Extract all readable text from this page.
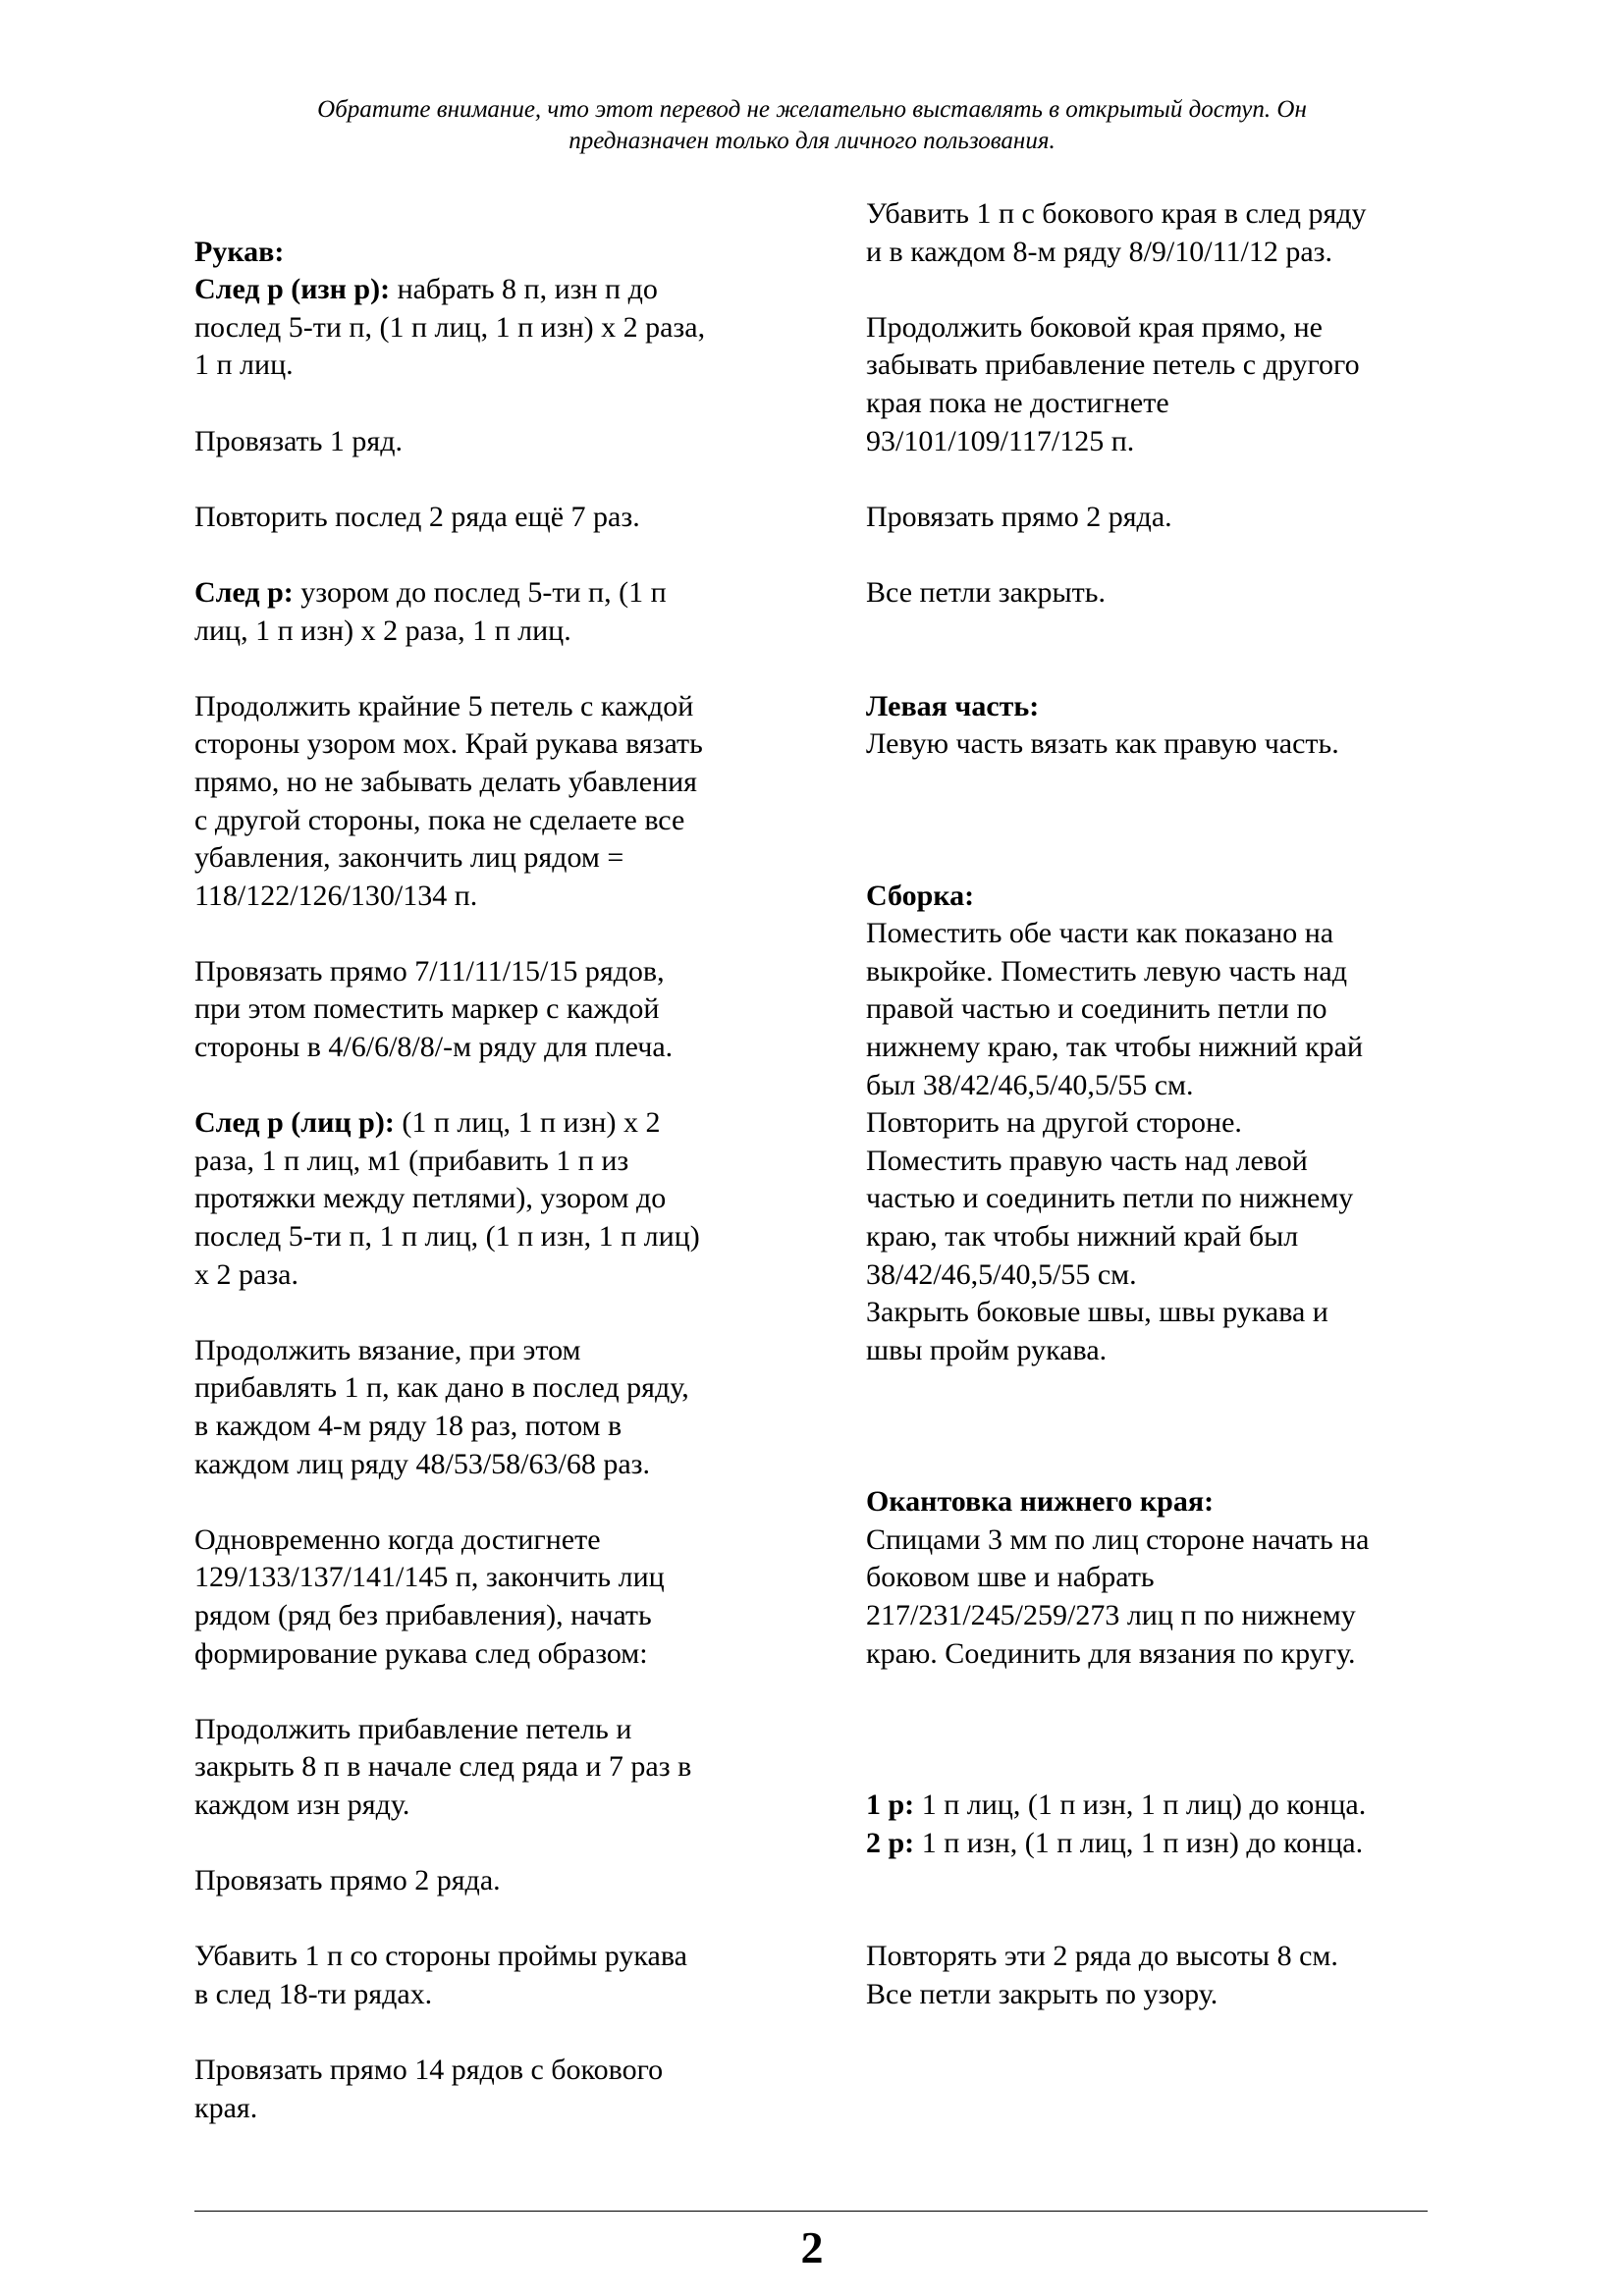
Обратите внимание, что этот перевод не желательно выставлять в открытый доступ. Он
предназначен только для личного пользования.

Рукав:
След р (изн р): набрать 8 п, изн п до
послед 5-ти п, (1 п лиц, 1 п изн) х 2 раза,
1 п лиц.

Провязать 1 ряд.
Повторить послед 2 ряда ещё 7 раз.
След р: узором до послед 5-ти п, (1 п
лиц, 1 п изн) х 2 раза, 1 п лиц.
Продолжить крайние 5 петель с каждой
стороны узором мох. Край рукава вязать
прямо, но не забывать делать убавления
с другой стороны, пока не сделаете все
убавления, закончить лиц рядом =
118/122/126/130/134 п.
Провязать прямо 7/11/11/15/15 рядов,
при этом поместить маркер с каждой
стороны в 4/6/6/8/8/-м ряду для плеча.
След р (лиц р): (1 п лиц, 1 п изн) х 2
раза, 1 п лиц, м1 (прибавить 1 п из
протяжки между петлями), узором до
послед 5-ти п, 1 п лиц, (1 п изн, 1 п лиц)
х 2 раза.
Продолжить вязание, при этом
прибавлять 1 п, как дано в послед ряду,
в каждом 4-м ряду 18 раз, потом в
каждом лиц ряду 48/53/58/63/68 раз.
Одновременно когда достигнете
129/133/137/141/145 п, закончить лиц
рядом (ряд без прибавления), начать
формирование рукава след образом:
Продолжить прибавление петель и
закрыть 8 п в начале след ряда и 7 раз в
каждом изн ряду.
Провязать прямо 2 ряда.
Убавить 1 п со стороны проймы рукава
в след 18-ти рядах.
Провязать прямо 14 рядов с бокового
края.
Убавить 1 п с бокового края в след ряду
и в каждом 8-м ряду 8/9/10/11/12 раз.
Продолжить боковой края прямо, не
забывать прибавление петель с другого
края пока не достигнете
93/101/109/117/125 п.
Провязать прямо 2 ряда.
Все петли закрыть.

Левая часть:
Левую часть вязать как правую часть.

Сборка:
Поместить обе части как показано на
выкройке. Поместить левую часть над
правой частью и соединить петли по
нижнему краю, так чтобы нижний край
был 38/42/46,5/40,5/55 см.
Повторить на другой стороне.
Поместить правую часть над левой
частью и соединить петли по нижнему
краю, так чтобы нижний край был
38/42/46,5/40,5/55 см.
Закрыть боковые швы, швы рукава и
швы пройм рукава.

Окантовка нижнего края:
Спицами 3 мм по лиц стороне начать на
боковом шве и набрать
217/231/245/259/273 лиц п по нижнему
краю. Соединить для вязания по кругу.

1 р: 1 п лиц, (1 п изн, 1 п лиц) до конца.
2 р: 1 п изн, (1 п лиц, 1 п изн) до конца.

Повторять эти 2 ряда до высоты 8 см.
Все петли закрыть по узору.
2
